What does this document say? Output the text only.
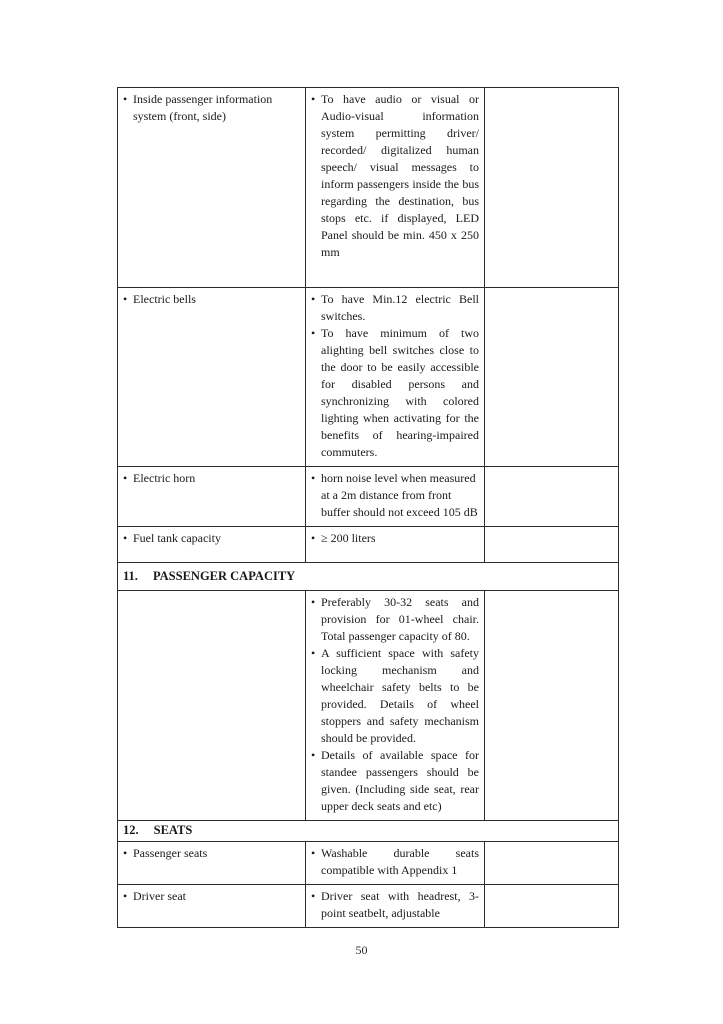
• Inside passenger information system (front, side)	• To have audio or visual or Audio-visual information system permitting driver/ recorded/ digitalized human speech/ visual messages to inform passengers inside the bus regarding the destination, bus stops etc. if displayed, LED Panel should be min. 450 x 250 mm

• Electric bells	• To have Min.12 electric Bell switches.
• To have minimum of two alighting bell switches close to the door to be easily accessible for disabled persons and synchronizing with colored lighting when activating for the benefits of hearing-impaired commuters.

• Electric horn	• horn noise level when measured at a 2m distance from front buffer should not exceed 105 dB

• Fuel tank capacity	• ≥ 200 liters

11. PASSENGER CAPACITY		

	• Preferably 30-32 seats and provision for 01-wheel chair. Total passenger capacity of 80.
• A sufficient space with safety locking mechanism and wheelchair safety belts to be provided. Details of wheel stoppers and safety mechanism should be provided.
• Details of available space for standee passengers should be given. (Including side seat, rear upper deck seats and etc)

12. SEATS		

• Passenger seats	• Washable durable seats compatible with Appendix 1

• Driver seat	• Driver seat with headrest, 3-point seatbelt, adjustable

50
